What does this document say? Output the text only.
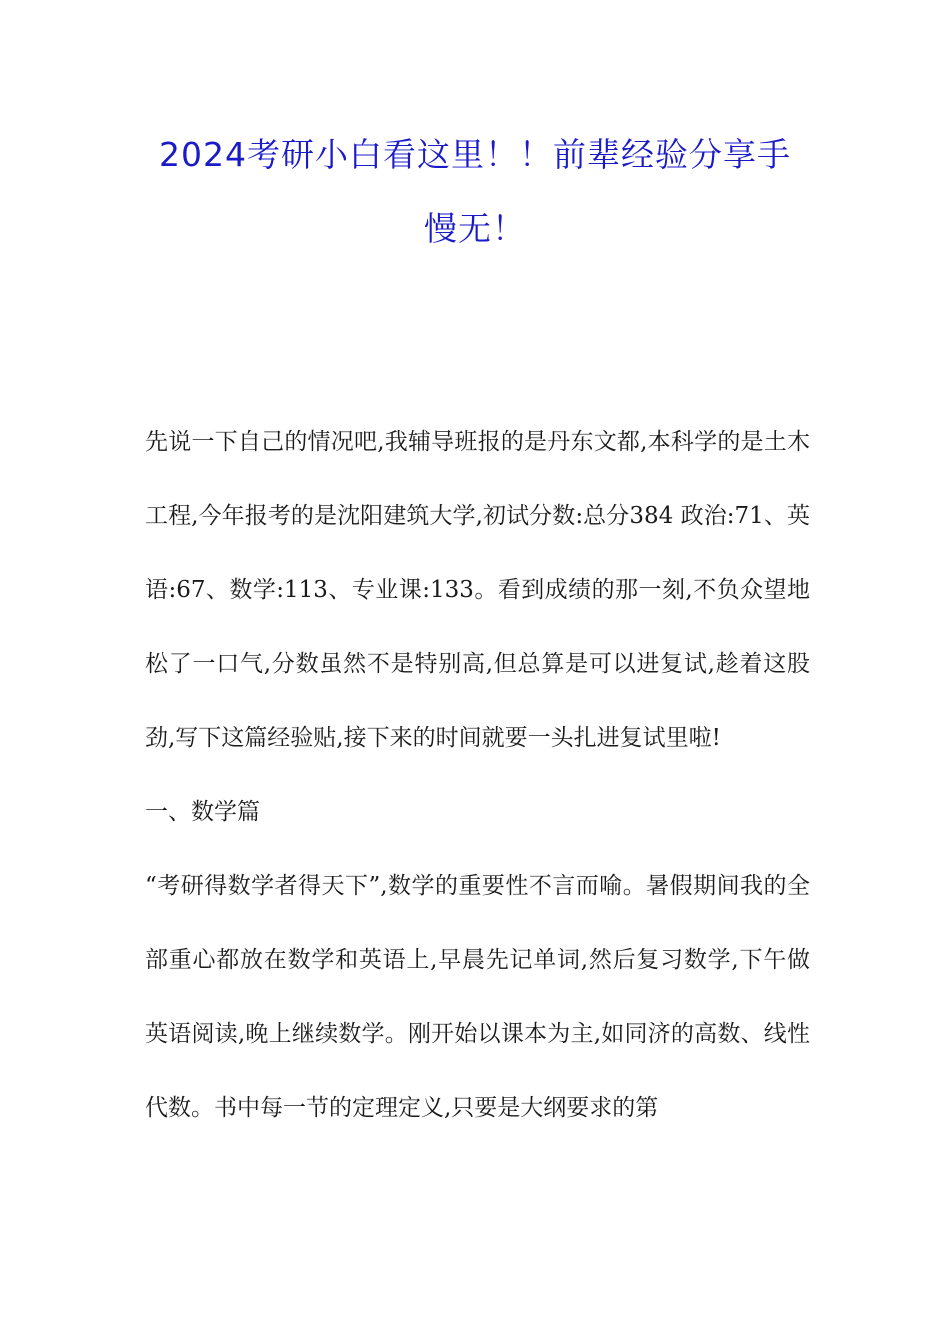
2024考研小白看这里！！前辈经验分享手慢无！

先说一下自己的情况吧,我辅导班报的是丹东文都,本科学的是土木工程,今年报考的是沈阳建筑大学,初试分数:总分384 政治:71、英语:67、数学:113、专业课:133。看到成绩的那一刻,不负众望地松了一口气,分数虽然不是特别高,但总算是可以进复试,趁着这股劲,写下这篇经验贴,接下来的时间就要一头扎进复试里啦!

一、数学篇

“考研得数学者得天下”,数学的重要性不言而喻。暑假期间我的全部重心都放在数学和英语上,早晨先记单词,然后复习数学,下午做英语阅读,晚上继续数学。刚开始以课本为主,如同济的高数、线性代数。书中每一节的定理定义,只要是大纲要求的第
